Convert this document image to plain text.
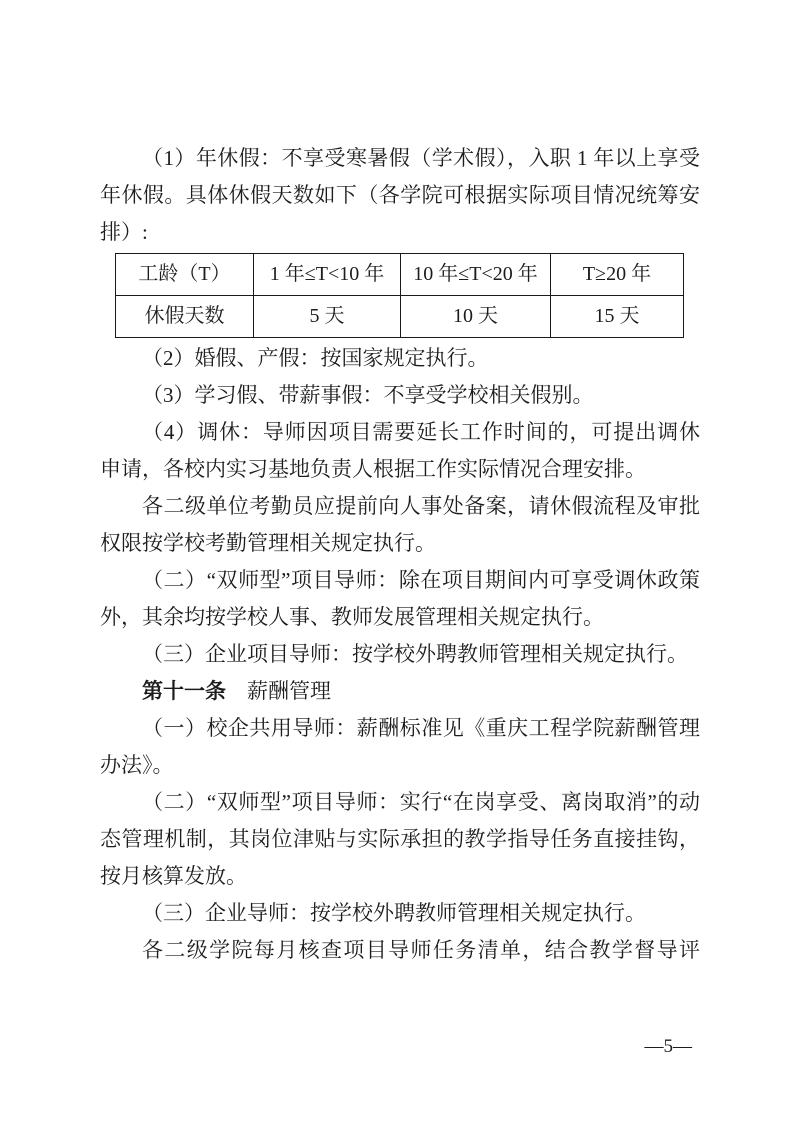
（1）年休假：不享受寒暑假（学术假），入职 1 年以上享受
年休假。具体休假天数如下（各学院可根据实际项目情况统筹安
排）:
工龄（T）	1 年≤T<10 年	10 年≤T<20 年	T≥20 年
休假天数	5 天	10 天	15 天
（2）婚假、产假：按国家规定执行。
（3）学习假、带薪事假：不享受学校相关假别。
（4）调休：导师因项目需要延长工作时间的，可提出调休
申请，各校内实习基地负责人根据工作实际情况合理安排。
各二级单位考勤员应提前向人事处备案，请休假流程及审批
权限按学校考勤管理相关规定执行。
（二）“双师型”项目导师：除在项目期间内可享受调休政策
外，其余均按学校人事、教师发展管理相关规定执行。
（三）企业项目导师：按学校外聘教师管理相关规定执行。
第十一条 薪酬管理
（一）校企共用导师：薪酬标准见《重庆工程学院薪酬管理
办法》。
（二）“双师型”项目导师：实行“在岗享受、离岗取消”的动
态管理机制，其岗位津贴与实际承担的教学指导任务直接挂钩，
按月核算发放。
（三）企业导师：按学校外聘教师管理相关规定执行。
各二级学院每月核查项目导师任务清单，结合教学督导评
—5—
